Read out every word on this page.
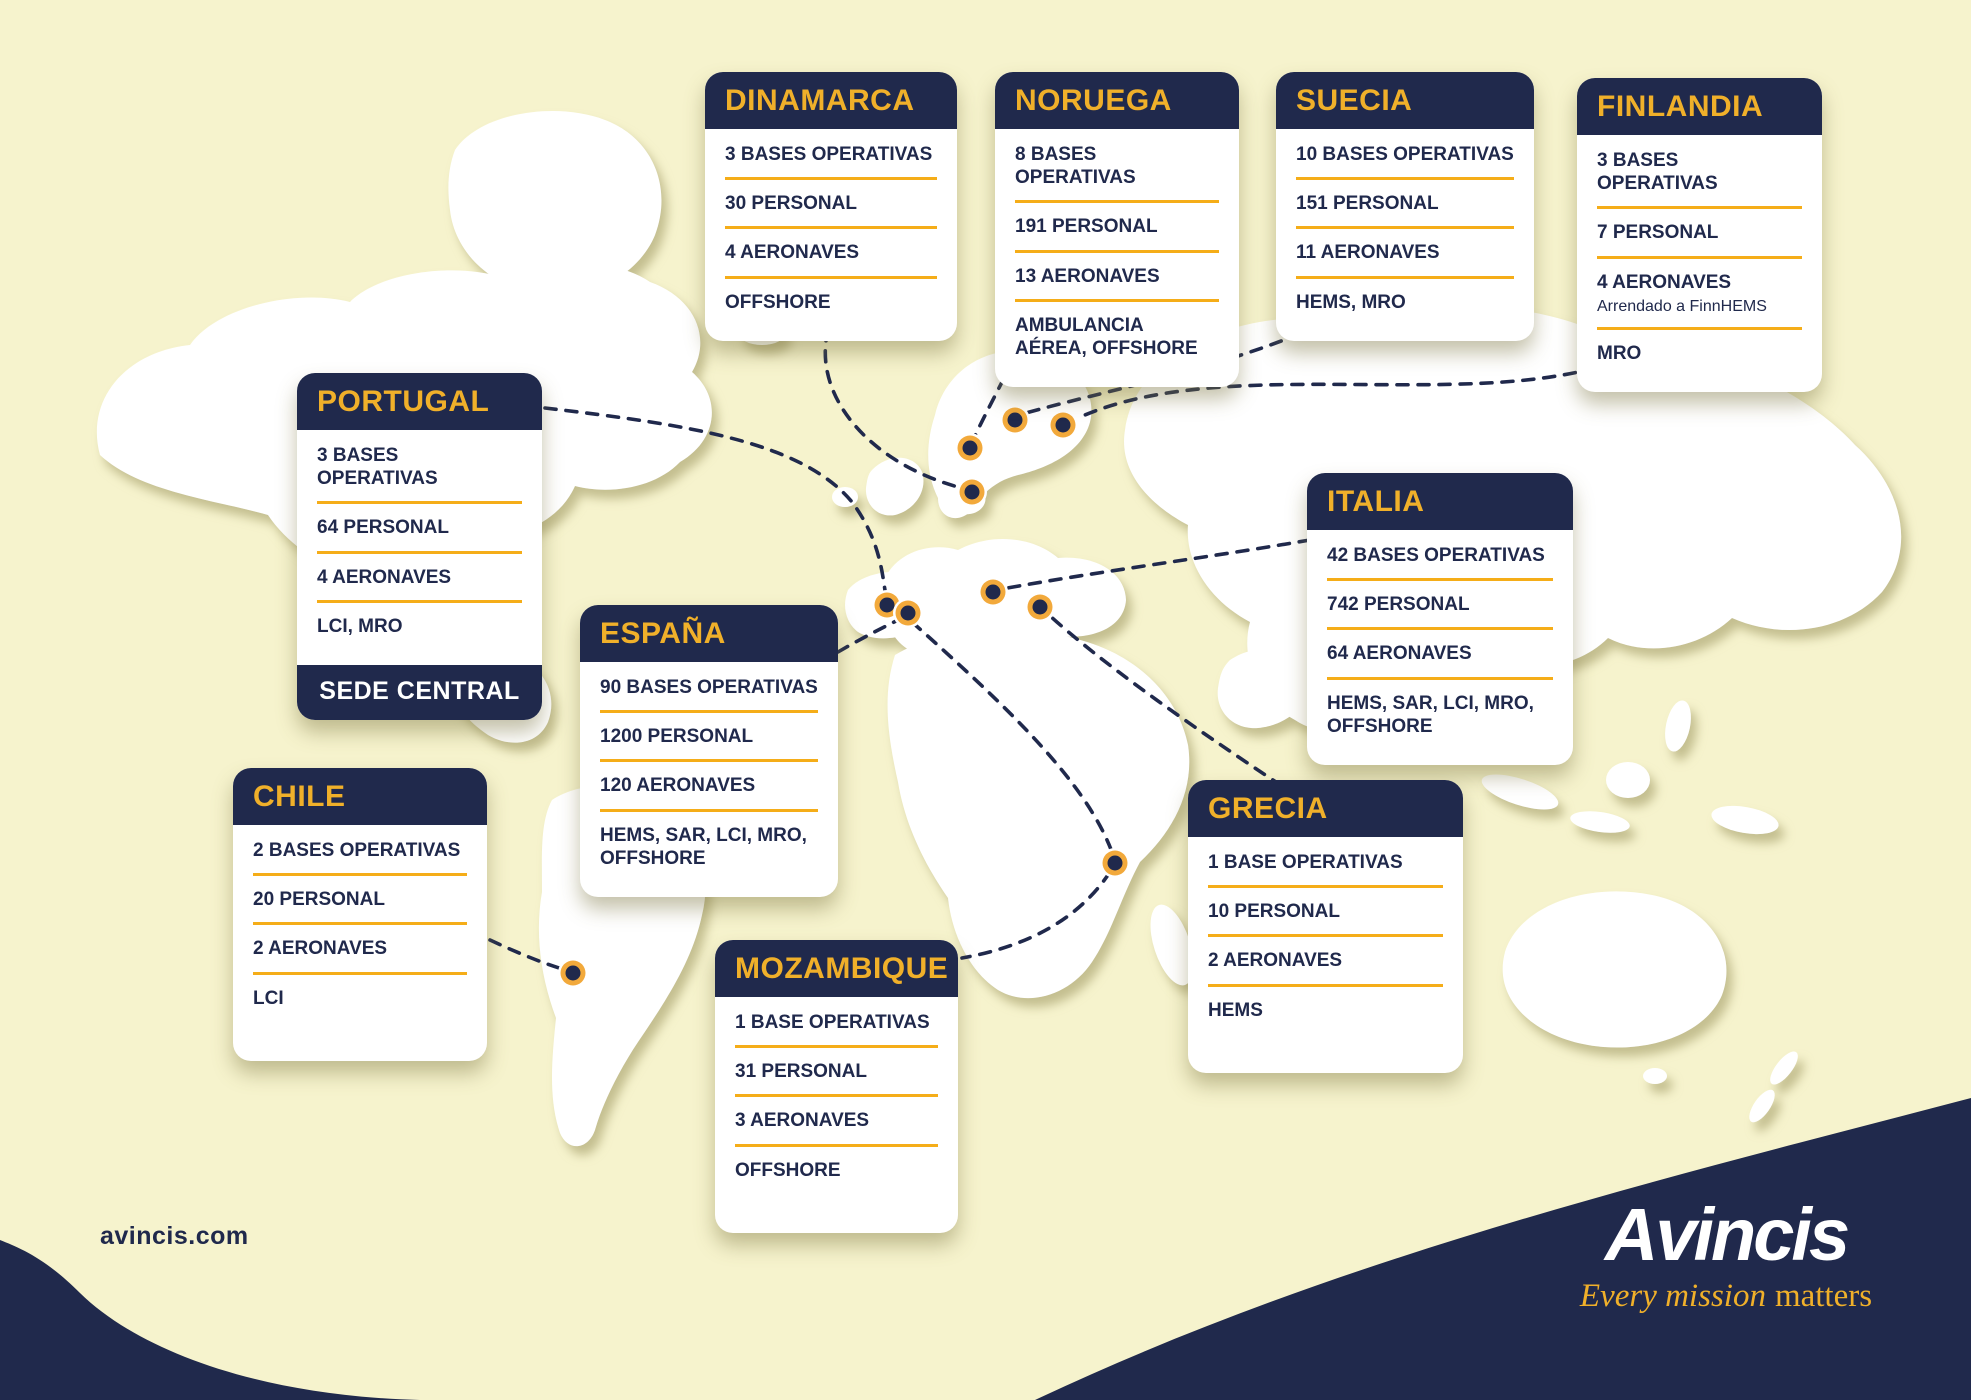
DINAMARCA
3 BASES OPERATIVAS
30 PERSONAL
4 AERONAVES
OFFSHORE
NORUEGA
8 BASES OPERATIVAS
191 PERSONAL
13 AERONAVES
AMBULANCIA AÉREA, OFFSHORE
SUECIA
10 BASES OPERATIVAS
151 PERSONAL
11 AERONAVES
HEMS, MRO
FINLANDIA
3 BASES OPERATIVAS
7 PERSONAL
4 AERONAVES
Arrendado a FinnHEMS
MRO
PORTUGAL
3 BASES OPERATIVAS
64 PERSONAL
4 AERONAVES
LCI, MRO
SEDE CENTRAL
ESPAÑA
90 BASES OPERATIVAS
1200 PERSONAL
120 AERONAVES
HEMS, SAR, LCI, MRO, OFFSHORE
ITALIA
42 BASES OPERATIVAS
742 PERSONAL
64 AERONAVES
HEMS, SAR, LCI, MRO, OFFSHORE
CHILE
2 BASES OPERATIVAS
20 PERSONAL
2 AERONAVES
LCI
GRECIA
1 BASE OPERATIVAS
10 PERSONAL
2 AERONAVES
HEMS
MOZAMBIQUE
1 BASE OPERATIVAS
31 PERSONAL
3 AERONAVES
OFFSHORE
avincis.com	Avincis
Every mission matters
